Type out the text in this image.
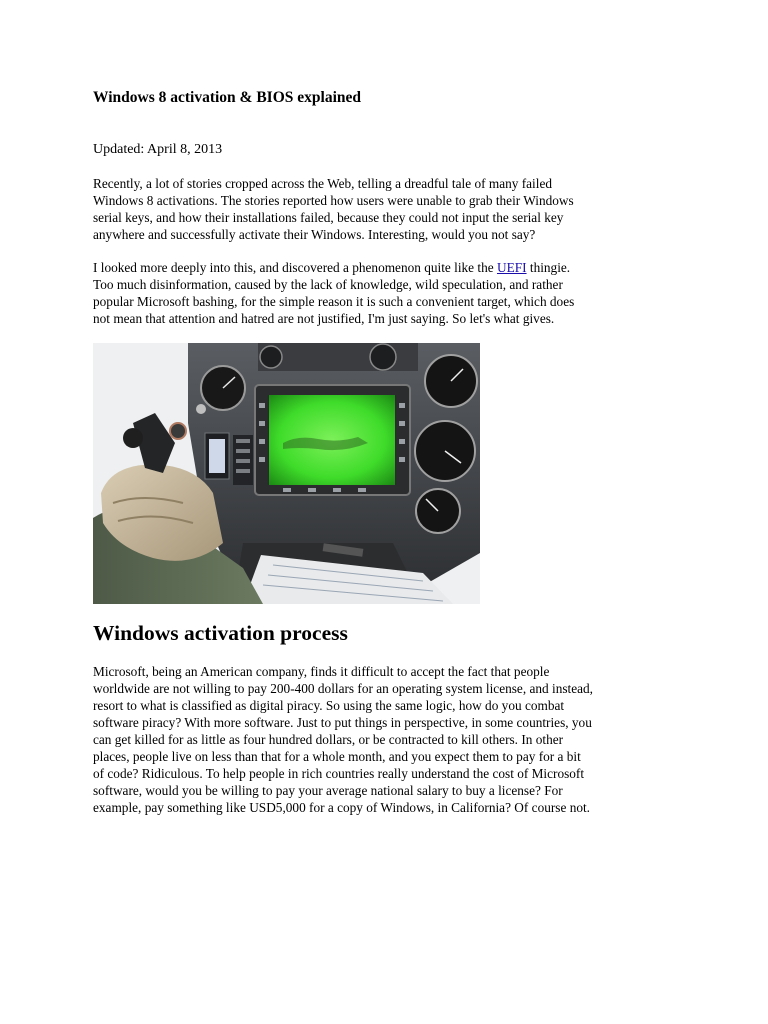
Windows 8 activation & BIOS explained

Updated: April 8, 2013

Recently, a lot of stories cropped across the Web, telling a dreadful tale of many failed
Windows 8 activations. The stories reported how users were unable to grab their Windows
serial keys, and how their installations failed, because they could not input the serial key
anywhere and successfully activate their Windows. Interesting, would you not say?

I looked more deeply into this, and discovered a phenomenon quite like the UEFI thingie.
Too much disinformation, caused by the lack of knowledge, wild speculation, and rather
popular Microsoft bashing, for the simple reason it is such a convenient target, which does
not mean that attention and hatred are not justified, I'm just saying. So let's what gives.

Windows activation process

Microsoft, being an American company, finds it difficult to accept the fact that people
worldwide are not willing to pay 200-400 dollars for an operating system license, and instead,
resort to what is classified as digital piracy. So using the same logic, how do you combat
software piracy? With more software. Just to put things in perspective, in some countries, you
can get killed for as little as four hundred dollars, or be contracted to kill others. In other
places, people live on less than that for a whole month, and you expect them to pay for a bit
of code? Ridiculous. To help people in rich countries really understand the cost of Microsoft
software, would you be willing to pay your average national salary to buy a license? For
example, pay something like USD5,000 for a copy of Windows, in California? Of course not.
